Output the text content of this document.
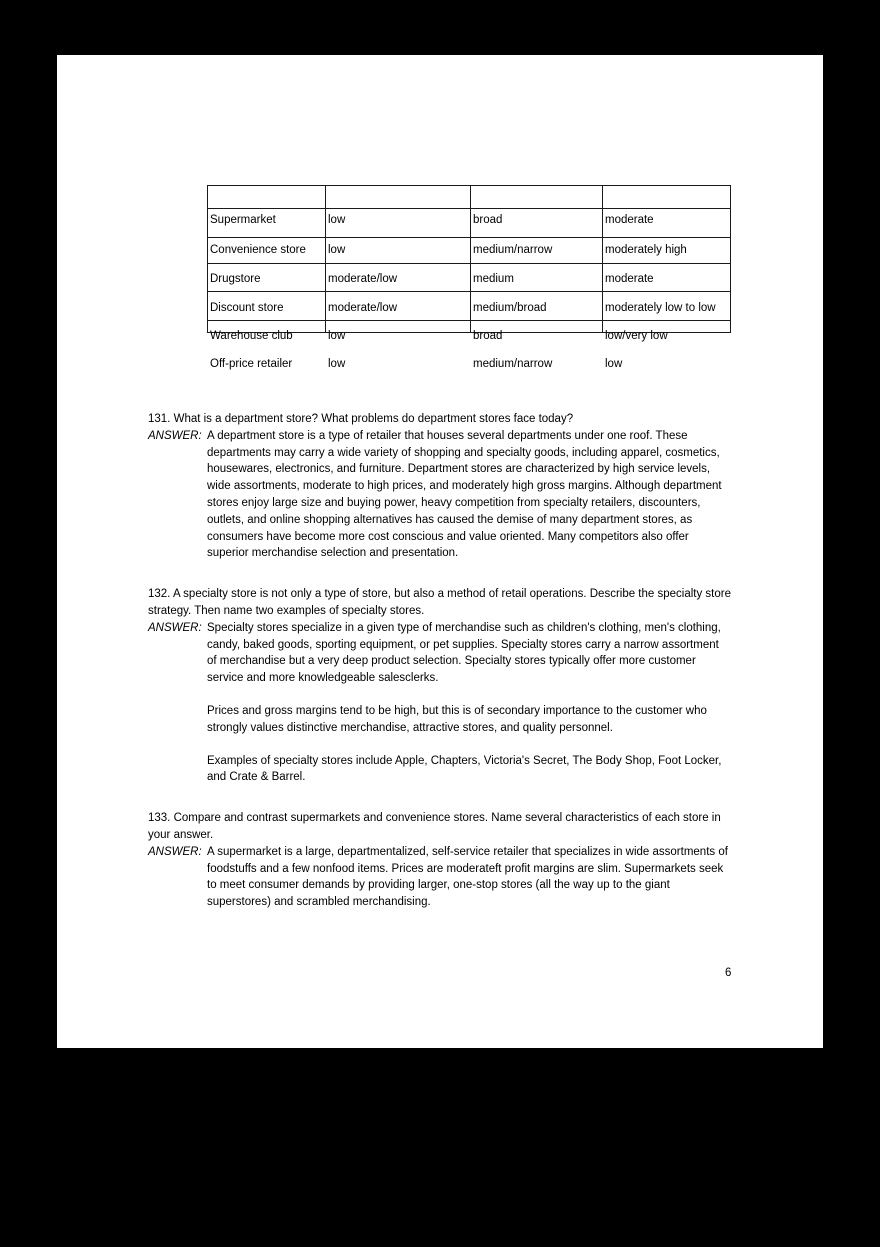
Supermarket	low	broad	moderate
Convenience store	low	medium/narrow	moderately high
Drugstore	moderate/low	medium	moderate
Discount store	moderate/low	medium/broad	moderately low to low
Warehouse club	low	broad	low/very low
Off-price retailer	low	medium/narrow	low

131. What is a department store? What problems do department stores face today?

ANSWER: A department store is a type of retailer that houses several departments under one roof. These departments may carry a wide variety of shopping and specialty goods, including apparel, cosmetics, housewares, electronics, and furniture. Department stores are characterized by high service levels, wide assortments, moderate to high prices, and moderately high gross margins. Although department stores enjoy large size and buying power, heavy competition from specialty retailers, discounters, outlets, and online shopping alternatives has caused the demise of many department stores, as consumers have become more cost conscious and value oriented. Many competitors also offer superior merchandise selection and presentation.

132. A specialty store is not only a type of store, but also a method of retail operations. Describe the specialty store strategy. Then name two examples of specialty stores.

ANSWER: Specialty stores specialize in a given type of merchandise such as children's clothing, men's clothing, candy, baked goods, sporting equipment, or pet supplies. Specialty stores carry a narrow assortment of merchandise but a very deep product selection. Specialty stores typically offer more customer service and more knowledgeable salesclerks.

Prices and gross margins tend to be high, but this is of secondary importance to the customer who strongly values distinctive merchandise, attractive stores, and quality personnel.

Examples of specialty stores include Apple, Chapters, Victoria's Secret, The Body Shop, Foot Locker, and Crate & Barrel.

133. Compare and contrast supermarkets and convenience stores. Name several characteristics of each store in your answer.

ANSWER: A supermarket is a large, departmentalized, self-service retailer that specializes in wide assortments of foodstuffs and a few nonfood items. Prices are moderateft profit margins are slim. Supermarkets seek to meet consumer demands by providing larger, one-stop stores (all the way up to the giant superstores) and scrambled merchandising.

6
